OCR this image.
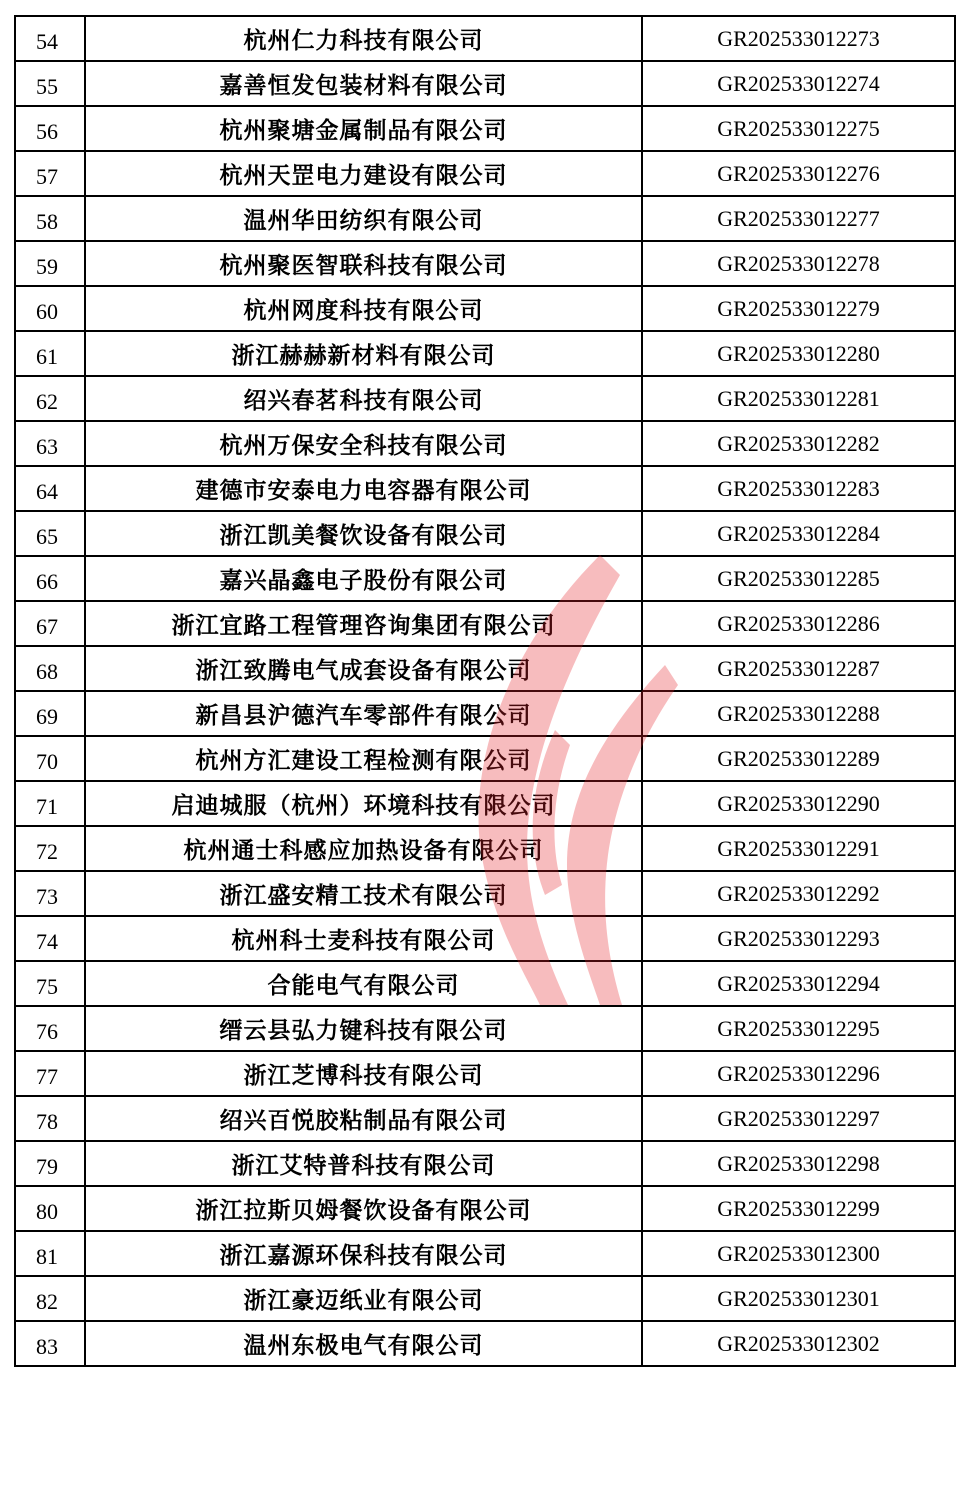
54	杭州仁力科技有限公司	GR202533012273
55	嘉善恒发包装材料有限公司	GR202533012274
56	杭州聚塘金属制品有限公司	GR202533012275
57	杭州天罡电力建设有限公司	GR202533012276
58	温州华田纺织有限公司	GR202533012277
59	杭州聚医智联科技有限公司	GR202533012278
60	杭州网度科技有限公司	GR202533012279
61	浙江赫赫新材料有限公司	GR202533012280
62	绍兴春茗科技有限公司	GR202533012281
63	杭州万保安全科技有限公司	GR202533012282
64	建德市安泰电力电容器有限公司	GR202533012283
65	浙江凯美餐饮设备有限公司	GR202533012284
66	嘉兴晶鑫电子股份有限公司	GR202533012285
67	浙江宜路工程管理咨询集团有限公司	GR202533012286
68	浙江致腾电气成套设备有限公司	GR202533012287
69	新昌县沪德汽车零部件有限公司	GR202533012288
70	杭州方汇建设工程检测有限公司	GR202533012289
71	启迪城服（杭州）环境科技有限公司	GR202533012290
72	杭州通士科感应加热设备有限公司	GR202533012291
73	浙江盛安精工技术有限公司	GR202533012292
74	杭州科士麦科技有限公司	GR202533012293
75	合能电气有限公司	GR202533012294
76	缙云县弘力键科技有限公司	GR202533012295
77	浙江芝博科技有限公司	GR202533012296
78	绍兴百悦胶粘制品有限公司	GR202533012297
79	浙江艾特普科技有限公司	GR202533012298
80	浙江拉斯贝姆餐饮设备有限公司	GR202533012299
81	浙江嘉源环保科技有限公司	GR202533012300
82	浙江豪迈纸业有限公司	GR202533012301
83	温州东极电气有限公司	GR202533012302
